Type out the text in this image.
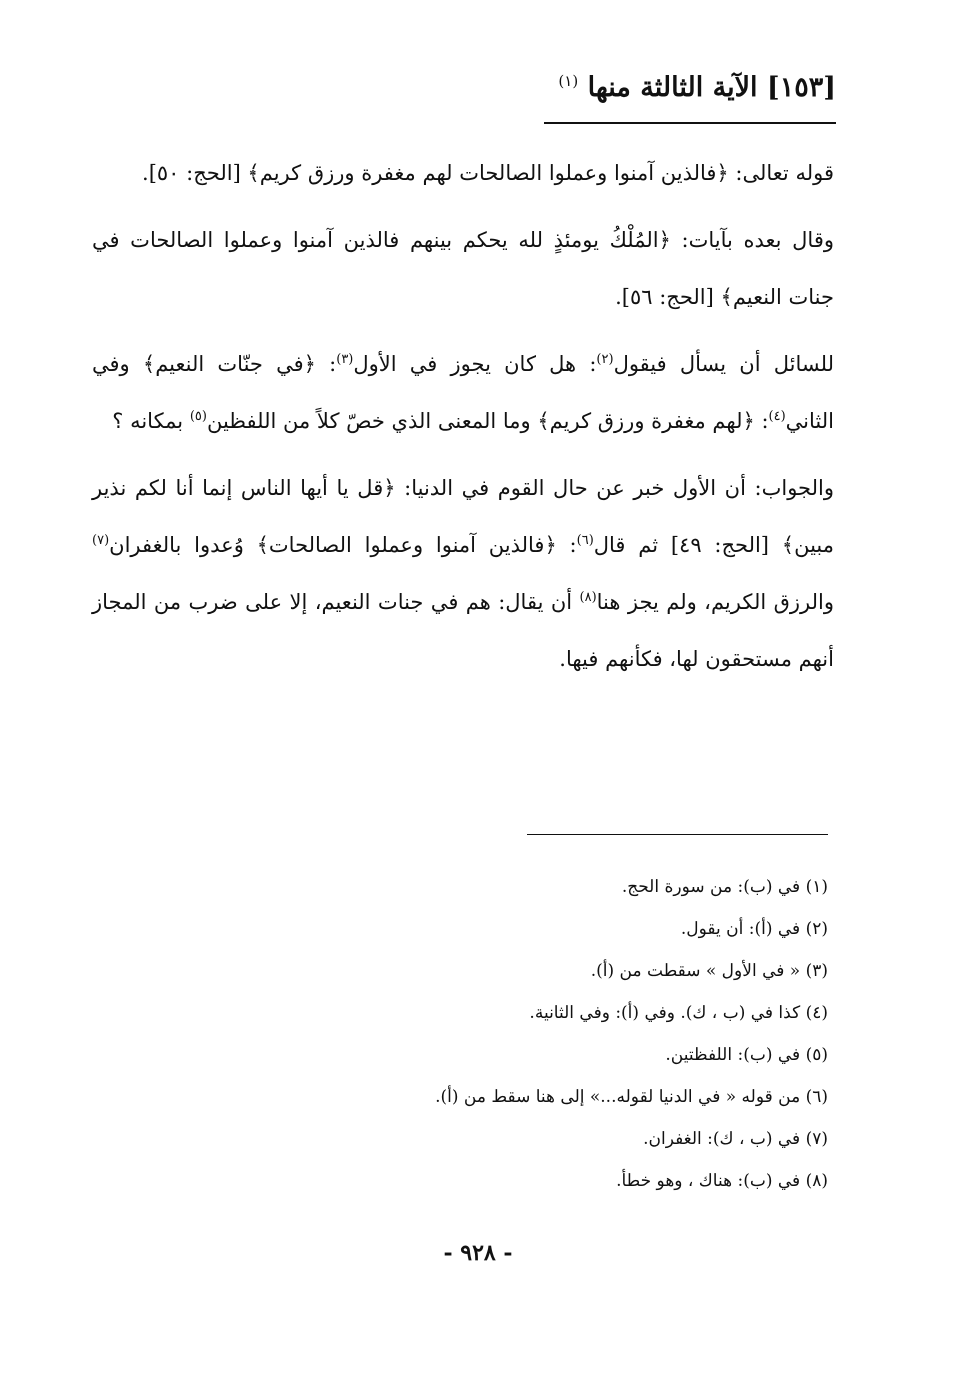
[١٥٣] الآية الثالثة منها $^{(١)}$

قوله تعالى: ﴿فالذين آمنوا وعملوا الصالحات لهم مغفرة ورزق كريم﴾ [الحج: ٥٠].

وقال بعده بآيات: ﴿المُلْكُ يومئذٍ لله يحكم بينهم فالذين آمنوا وعملوا الصالحات في جنات النعيم﴾ [الحج: ٥٦].

للسائل أن يسأل فيقول$^{(٢)}$: هل كان يجوز في الأول$^{(٣)}$: ﴿في جنّات النعيم﴾ وفي الثاني$^{(٤)}$: ﴿لهم مغفرة ورزق كريم﴾ وما المعنى الذي خصّ كلاً من اللفظين$^{(٥)}$ بمكانه ؟

والجواب: أن الأول خبر عن حال القوم في الدنيا: ﴿قل يا أيها الناس إنما أنا لكم نذير مبين﴾ [الحج: ٤٩] ثم قال$^{(٦)}$: ﴿فالذين آمنوا وعملوا الصالحات﴾ وُعدوا بالغفران$^{(٧)}$ والرزق الكريم، ولم يجز هنا$^{(٨)}$ أن يقال: هم في جنات النعيم، إلا على ضرب من المجاز أنهم مستحقون لها، فكأنهم فيها.

(١) في (ب): من سورة الحج.
(٢) في (أ): أن يقول.
(٣) « في الأول » سقطت من (أ).
(٤) كذا في (ب ، ك). وفي (أ): وفي الثانية.
(٥) في (ب): اللفظتين.
(٦) من قوله « في الدنيا لقوله...» إلى هنا سقط من (أ).
(٧) في (ب ، ك): الغفران.
(٨) في (ب): هناك ، وهو خطأ.
- ٩٢٨ -
